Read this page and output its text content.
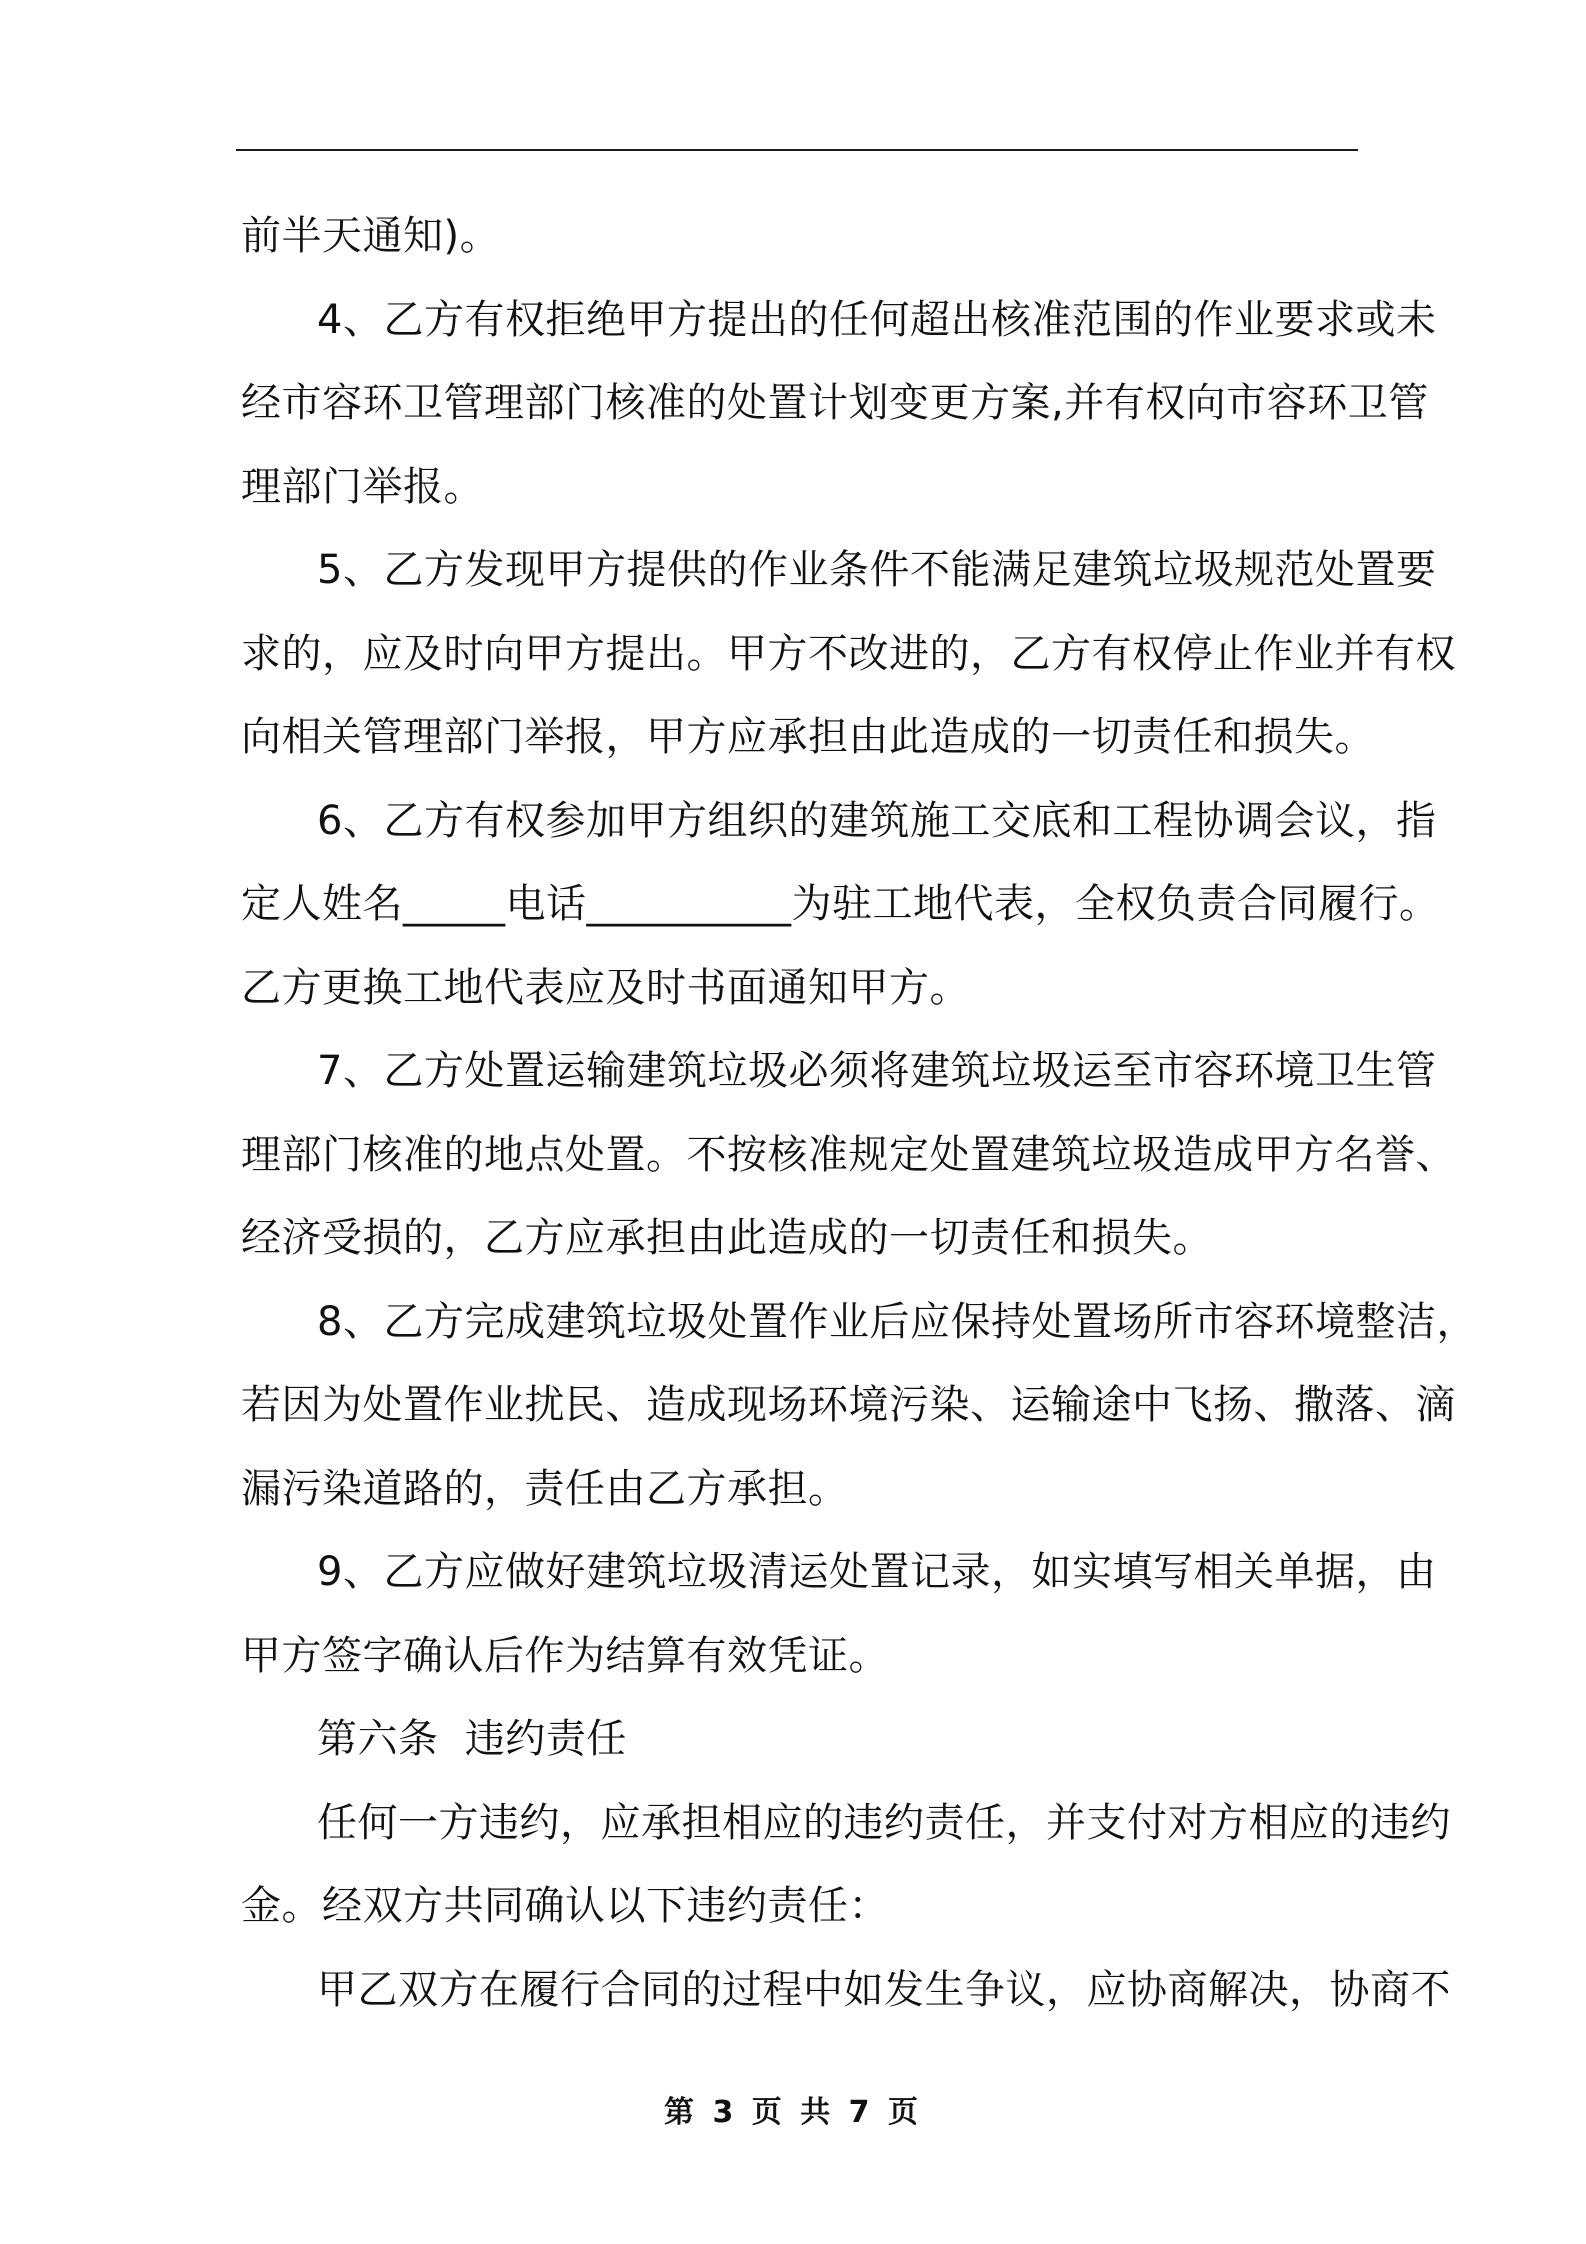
前半天通知)。
4、乙方有权拒绝甲方提出的任何超出核准范围的作业要求或未
经市容环卫管理部门核准的处置计划变更方案,并有权向市容环卫管
理部门举报。
5、乙方发现甲方提供的作业条件不能满足建筑垃圾规范处置要
求的，应及时向甲方提出。甲方不改进的，乙方有权停止作业并有权
向相关管理部门举报，甲方应承担由此造成的一切责任和损失。
6、乙方有权参加甲方组织的建筑施工交底和工程协调会议，指
定人姓名_____电话__________为驻工地代表，全权负责合同履行。
乙方更换工地代表应及时书面通知甲方。
7、乙方处置运输建筑垃圾必须将建筑垃圾运至市容环境卫生管
理部门核准的地点处置。不按核准规定处置建筑垃圾造成甲方名誉、
经济受损的，乙方应承担由此造成的一切责任和损失。
8、乙方完成建筑垃圾处置作业后应保持处置场所市容环境整洁，
若因为处置作业扰民、造成现场环境污染、运输途中飞扬、撒落、滴
漏污染道路的，责任由乙方承担。
9、乙方应做好建筑垃圾清运处置记录，如实填写相关单据，由
甲方签字确认后作为结算有效凭证。
第六条  违约责任
任何一方违约，应承担相应的违约责任，并支付对方相应的违约
金。经双方共同确认以下违约责任：
甲乙双方在履行合同的过程中如发生争议，应协商解决，协商不
第 3 页 共 7 页
